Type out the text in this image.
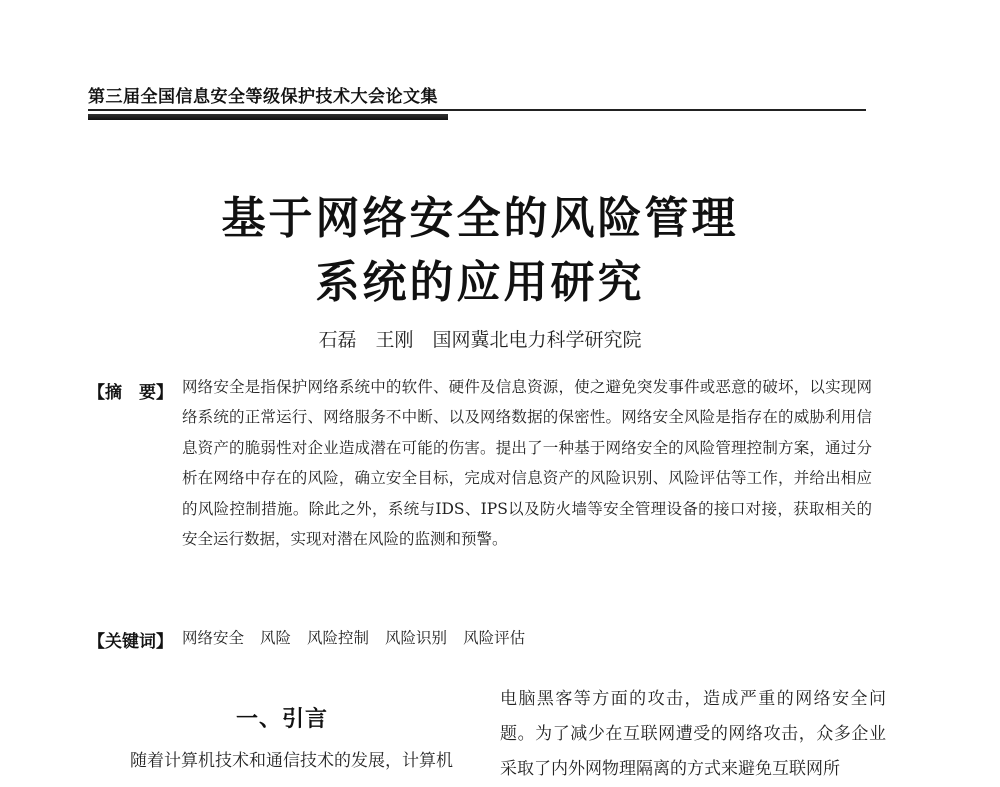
第三届全国信息安全等级保护技术大会论文集
基于网络安全的风险管理
系统的应用研究
石磊　王刚　国网冀北电力科学研究院
【摘　要】 网络安全是指保护网络系统中的软件、硬件及信息资源，使之避免突发事件或恶意的破坏，以实现网络系统的正常运行、网络服务不中断、以及网络数据的保密性。网络安全风险是指存在的威胁利用信息资产的脆弱性对企业造成潜在可能的伤害。提出了一种基于网络安全的风险管理控制方案，通过分析在网络中存在的风险，确立安全目标，完成对信息资产的风险识别、风险评估等工作，并给出相应的风险控制措施。除此之外，系统与IDS、IPS以及防火墙等安全管理设备的接口对接，获取相关的安全运行数据，实现对潜在风险的监测和预警。
【关键词】 网络安全 风险 风险控制 风险识别 风险评估
一、引言
随着计算机技术和通信技术的发展，计算机
电脑黑客等方面的攻击，造成严重的网络安全问题。为了减少在互联网遭受的网络攻击，众多企业采取了内外网物理隔离的方式来避免互联网所
